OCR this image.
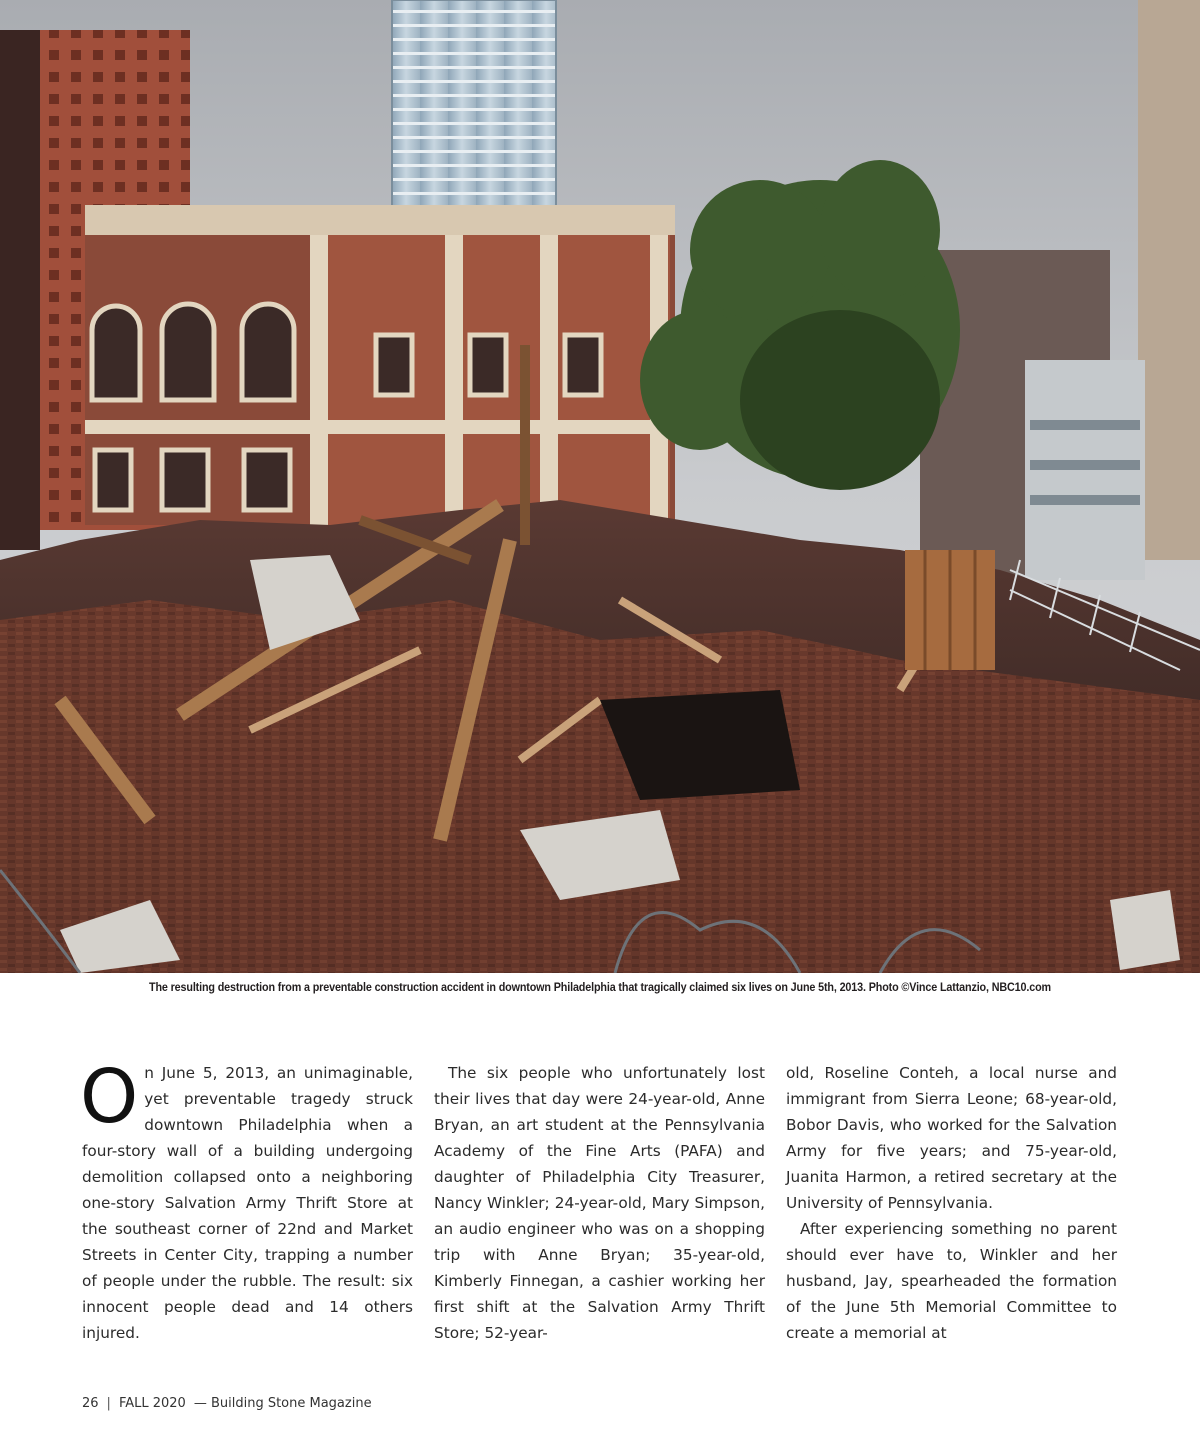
The resulting destruction from a preventable construction accident in downtown Philadelphia that tragically claimed six lives on June 5th, 2013. Photo ©Vince Lattanzio, NBC10.com

On June 5, 2013, an unimaginable, yet preventable tragedy struck downtown Philadelphia when a four-story wall of a building undergoing demolition collapsed onto a neighboring one-story Salvation Army Thrift Store at the southeast corner of 22nd and Market Streets in Center City, trapping a number of people under the rubble. The result: six innocent people dead and 14 others injured.

The six people who unfortunately lost their lives that day were 24-year-old, Anne Bryan, an art student at the Pennsylvania Academy of the Fine Arts (PAFA) and daughter of Philadelphia City Treasurer, Nancy Winkler; 24-year-old, Mary Simpson, an audio engineer who was on a shopping trip with Anne Bryan; 35-year-old, Kimberly Finnegan, a cashier working her first shift at the Salvation Army Thrift Store; 52-year-

old, Roseline Conteh, a local nurse and immigrant from Sierra Leone; 68-year-old, Bobor Davis, who worked for the Salvation Army for five years; and 75-year-old, Juanita Harmon, a retired secretary at the University of Pennsylvania.

After experiencing something no parent should ever have to, Winkler and her husband, Jay, spearheaded the formation of the June 5th Memorial Committee to create a memorial at

26 | FALL 2020 — Building Stone Magazine
